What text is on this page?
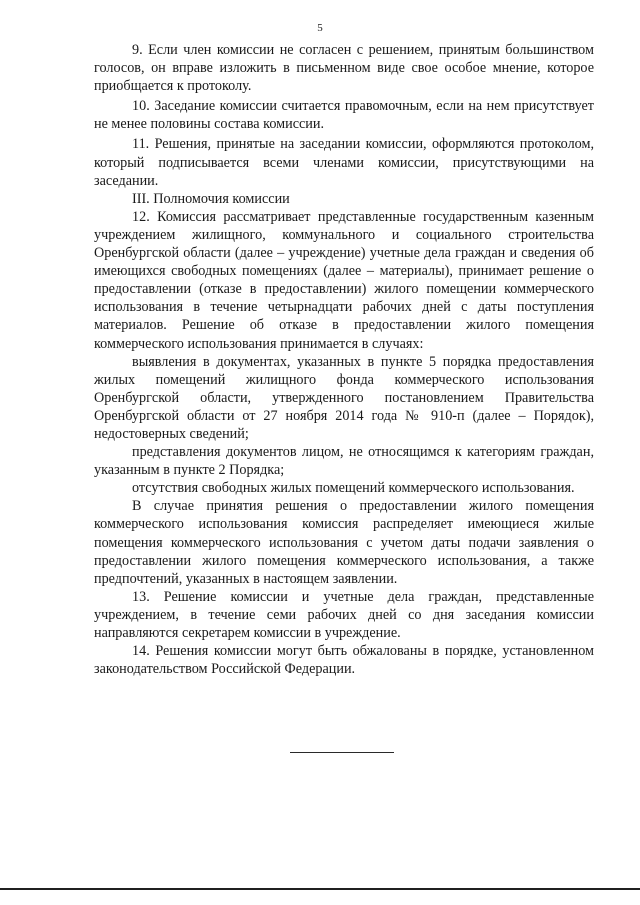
5

9. Если член комиссии не согласен с решением, принятым большинством голосов, он вправе изложить в письменном виде свое особое мнение, которое приобщается к протоколу.

10. Заседание комиссии считается правомочным, если на нем присутствует не менее половины состава комиссии.

11. Решения, принятые на заседании комиссии, оформляются протоколом, который подписывается всеми членами комиссии, присутствующими на заседании.

III. Полномочия комиссии

12. Комиссия рассматривает представленные государственным казенным учреждением жилищного, коммунального и социального строительства Оренбургской области (далее – учреждение) учетные дела граждан и сведения об имеющихся свободных помещениях (далее – материалы), принимает решение о предоставлении (отказе в предоставлении) жилого помещении коммерческого использования в течение четырнадцати рабочих дней с даты поступления материалов. Решение об отказе в предоставлении жилого помещения коммерческого использования принимается в случаях:

выявления в документах, указанных в пункте 5 порядка предоставления жилых помещений жилищного фонда коммерческого использования Оренбургской области, утвержденного постановлением Правительства Оренбургской области от 27 ноября 2014 года № 910-п (далее – Порядок), недостоверных сведений;

представления документов лицом, не относящимся к категориям граждан, указанным в пункте 2 Порядка;

отсутствия свободных жилых помещений коммерческого использования.

В случае принятия решения о предоставлении жилого помещения коммерческого использования комиссия распределяет имеющиеся жилые помещения коммерческого использования с учетом даты подачи заявления о предоставлении жилого помещения коммерческого использования, а также предпочтений, указанных в настоящем заявлении.

13. Решение комиссии и учетные дела граждан, представленные учреждением, в течение семи рабочих дней со дня заседания комиссии направляются секретарем комиссии в учреждение.

14. Решения комиссии могут быть обжалованы в порядке, установленном законодательством Российской Федерации.
